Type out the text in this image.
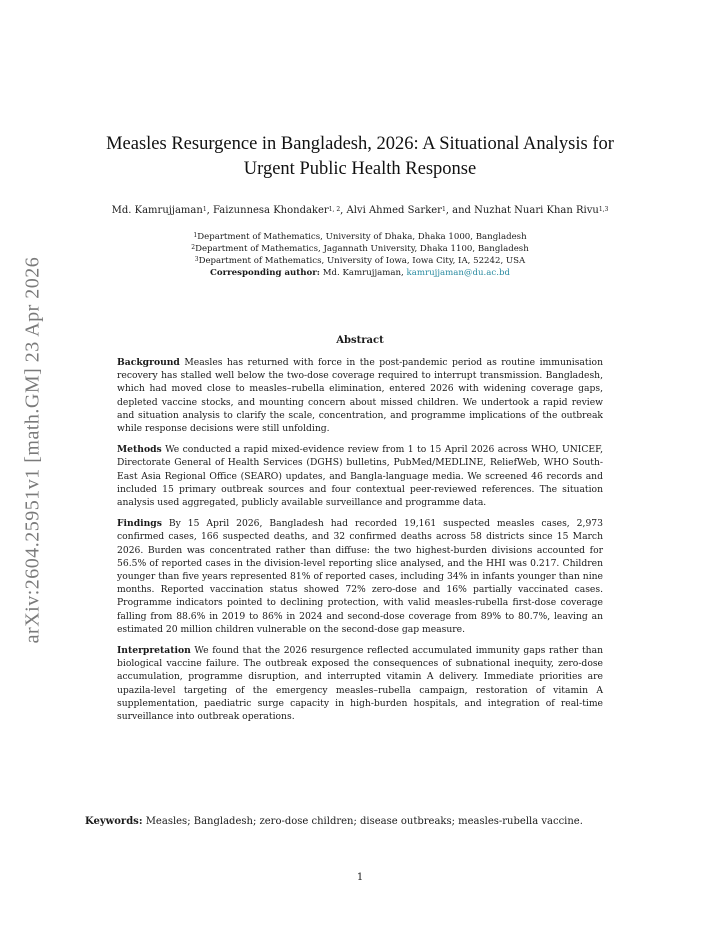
arXiv:2604.25951v1 [math.GM] 23 Apr 2026
Measles Resurgence in Bangladesh, 2026: A Situational Analysis for
Urgent Public Health Response
Md. Kamrujjaman$^1$, Faizunnesa Khondaker$^{1, 2}$, Alvi Ahmed Sarker$^1$, and Nuzhat Nuari Khan Rivu$^{1,3}$
$^1$Department of Mathematics, University of Dhaka, Dhaka 1000, Bangladesh
$^2$Department of Mathematics, Jagannath University, Dhaka 1100, Bangladesh
$^3$Department of Mathematics, University of Iowa, Iowa City, IA, 52242, USA
Corresponding author: Md. Kamrujjaman, kamrujjaman@du.ac.bd
Abstract

Background Measles has returned with force in the post-pandemic period as routine immunisation recovery has stalled well below the two-dose coverage required to interrupt transmission. Bangladesh, which had moved close to measles–rubella elimination, entered 2026 with widening coverage gaps, depleted vaccine stocks, and mounting concern about missed children. We undertook a rapid review and situation analysis to clarify the scale, concentration, and programme implications of the outbreak while response decisions were still unfolding.

Methods We conducted a rapid mixed-evidence review from 1 to 15 April 2026 across WHO, UNICEF, Directorate General of Health Services (DGHS) bulletins, PubMed/MEDLINE, ReliefWeb, WHO South-East Asia Regional Office (SEARO) updates, and Bangla-language media. We screened 46 records and included 15 primary outbreak sources and four contextual peer-reviewed references. The situation analysis used aggregated, publicly available surveillance and programme data.

Findings By 15 April 2026, Bangladesh had recorded 19,161 suspected measles cases, 2,973 confirmed cases, 166 suspected deaths, and 32 confirmed deaths across 58 districts since 15 March 2026. Burden was concentrated rather than diffuse: the two highest-burden divisions accounted for 56.5% of reported cases in the division-level reporting slice analysed, and the HHI was 0.217. Children younger than five years represented 81% of reported cases, including 34% in infants younger than nine months. Reported vaccination status showed 72% zero-dose and 16% partially vaccinated cases. Programme indicators pointed to declining protection, with valid measles-rubella first-dose coverage falling from 88.6% in 2019 to 86% in 2024 and second-dose coverage from 89% to 80.7%, leaving an estimated 20 million children vulnerable on the second-dose gap measure.

Interpretation We found that the 2026 resurgence reflected accumulated immunity gaps rather than biological vaccine failure. The outbreak exposed the consequences of subnational inequity, zero-dose accumulation, programme disruption, and interrupted vitamin A delivery. Immediate priorities are upazila-level targeting of the emergency measles–rubella campaign, restoration of vitamin A supplementation, paediatric surge capacity in high-burden hospitals, and integration of real-time surveillance into outbreak operations.

Keywords: Measles; Bangladesh; zero-dose children; disease outbreaks; measles-rubella vaccine.
1
